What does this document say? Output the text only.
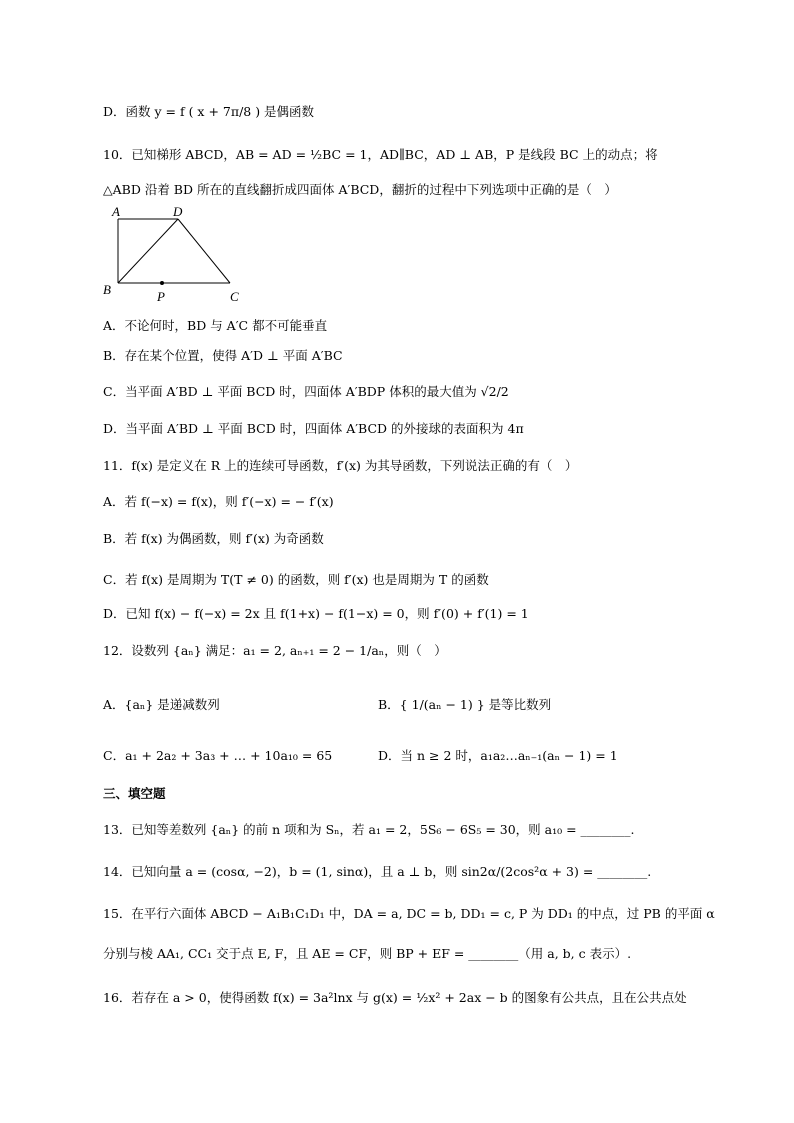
D．函数 y = f ( x + 7π/8 ) 是偶函数
10．已知梯形 ABCD，AB = AD = ½BC = 1，AD∥BC，AD ⊥ AB，P 是线段 BC 上的动点；将
△ABD 沿着 BD 所在的直线翻折成四面体 A′BCD，翻折的过程中下列选项中正确的是（　）
A	D
B	P	C
A．不论何时，BD 与 A′C 都不可能垂直
B．存在某个位置，使得 A′D ⊥ 平面 A′BC
C．当平面 A′BD ⊥ 平面 BCD 时，四面体 A′BDP 体积的最大值为 √2/2
D．当平面 A′BD ⊥ 平面 BCD 时，四面体 A′BCD 的外接球的表面积为 4π
11．f(x) 是定义在 R 上的连续可导函数，f′(x) 为其导函数，下列说法正确的有（　）
A．若 f(−x) = f(x)，则 f′(−x) = − f′(x)
B．若 f(x) 为偶函数，则 f′(x) 为奇函数
C．若 f(x) 是周期为 T(T ≠ 0) 的函数，则 f′(x) 也是周期为 T 的函数
D．已知 f(x) − f(−x) = 2x 且 f(1+x) − f(1−x) = 0，则 f′(0) + f′(1) = 1
12．设数列 {aₙ} 满足：a₁ = 2, aₙ₊₁ = 2 − 1/aₙ，则（　）
A．{aₙ} 是递减数列	B．{ 1/(aₙ − 1) } 是等比数列
C．a₁ + 2a₂ + 3a₃ + … + 10a₁₀ = 65	D．当 n ≥ 2 时，a₁a₂…aₙ₋₁(aₙ − 1) = 1
三、填空题
13．已知等差数列 {aₙ} 的前 n 项和为 Sₙ，若 a₁ = 2，5S₆ − 6S₅ = 30，则 a₁₀ = ________.
14．已知向量 a = (cosα, −2)，b = (1, sinα)，且 a ⊥ b，则 sin2α/(2cos²α + 3) = ________.
15．在平行六面体 ABCD − A₁B₁C₁D₁ 中，DA = a, DC = b, DD₁ = c, P 为 DD₁ 的中点，过 PB 的平面 α
分别与棱 AA₁, CC₁ 交于点 E, F，且 AE = CF，则 BP + EF = ________（用 a, b, c 表示）.
16．若存在 a > 0，使得函数 f(x) = 3a²lnx 与 g(x) = ½x² + 2ax − b 的图象有公共点，且在公共点处
